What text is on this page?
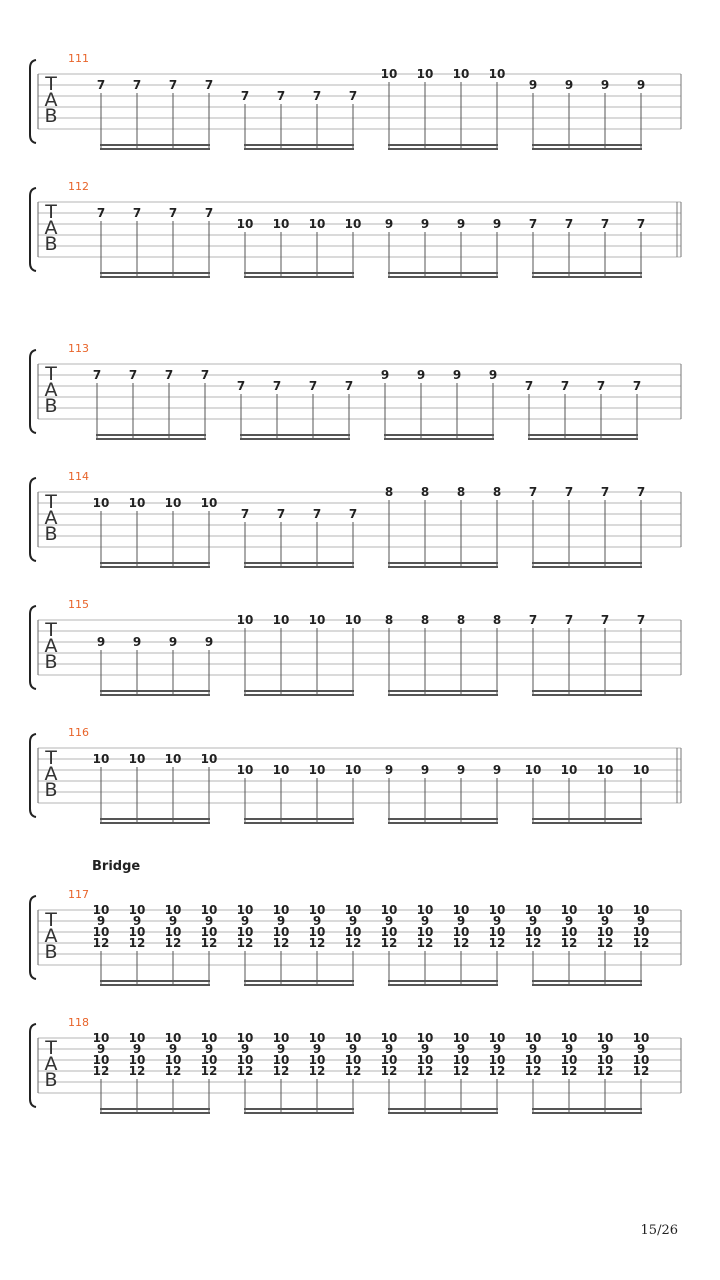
T
A
B
111
7 7 7 7
7 7 7 7
10 10 10 10
9 9 9 9
T
A
B
112
7 7 7 7
10 10 10 10 9 9 9 9 7 7 7 7
T
A
B
113
7 7 7 7
7 7 7 7
9 9 9 9
7 7 7 7
T
A
B
114
10 10 10 10
7 7 7 7
8 8 8 8 7 7 7 7
T
A
B
115
9 9 9 9
10 10 10 10 8 8 8 8 7 7 7 7
T
A
B
116
10 10 10 10
10 10 10 10 9 9 9 9 10 10 10 10
T
A
B
117
10
9
10
12
10
9
10
12
10
9
10
12
10
9
10
12
10
9
10
12
10
9
10
12
10
9
10
12
10
9
10
12
10
9
10
12
10
9
10
12
10
9
10
12
10
9
10
12
10
9
10
12
10
9
10
12
10
9
10
12
10
9
10
12
T
A
B
118
10
9
10
12
10
9
10
12
10
9
10
12
10
9
10
12
10
9
10
12
10
9
10
12
10
9
10
12
10
9
10
12
10
9
10
12
10
9
10
12
10
9
10
12
10
9
10
12
10
9
10
12
10
9
10
12
10
9
10
12
10
9
10
12
Bridge
15/26
